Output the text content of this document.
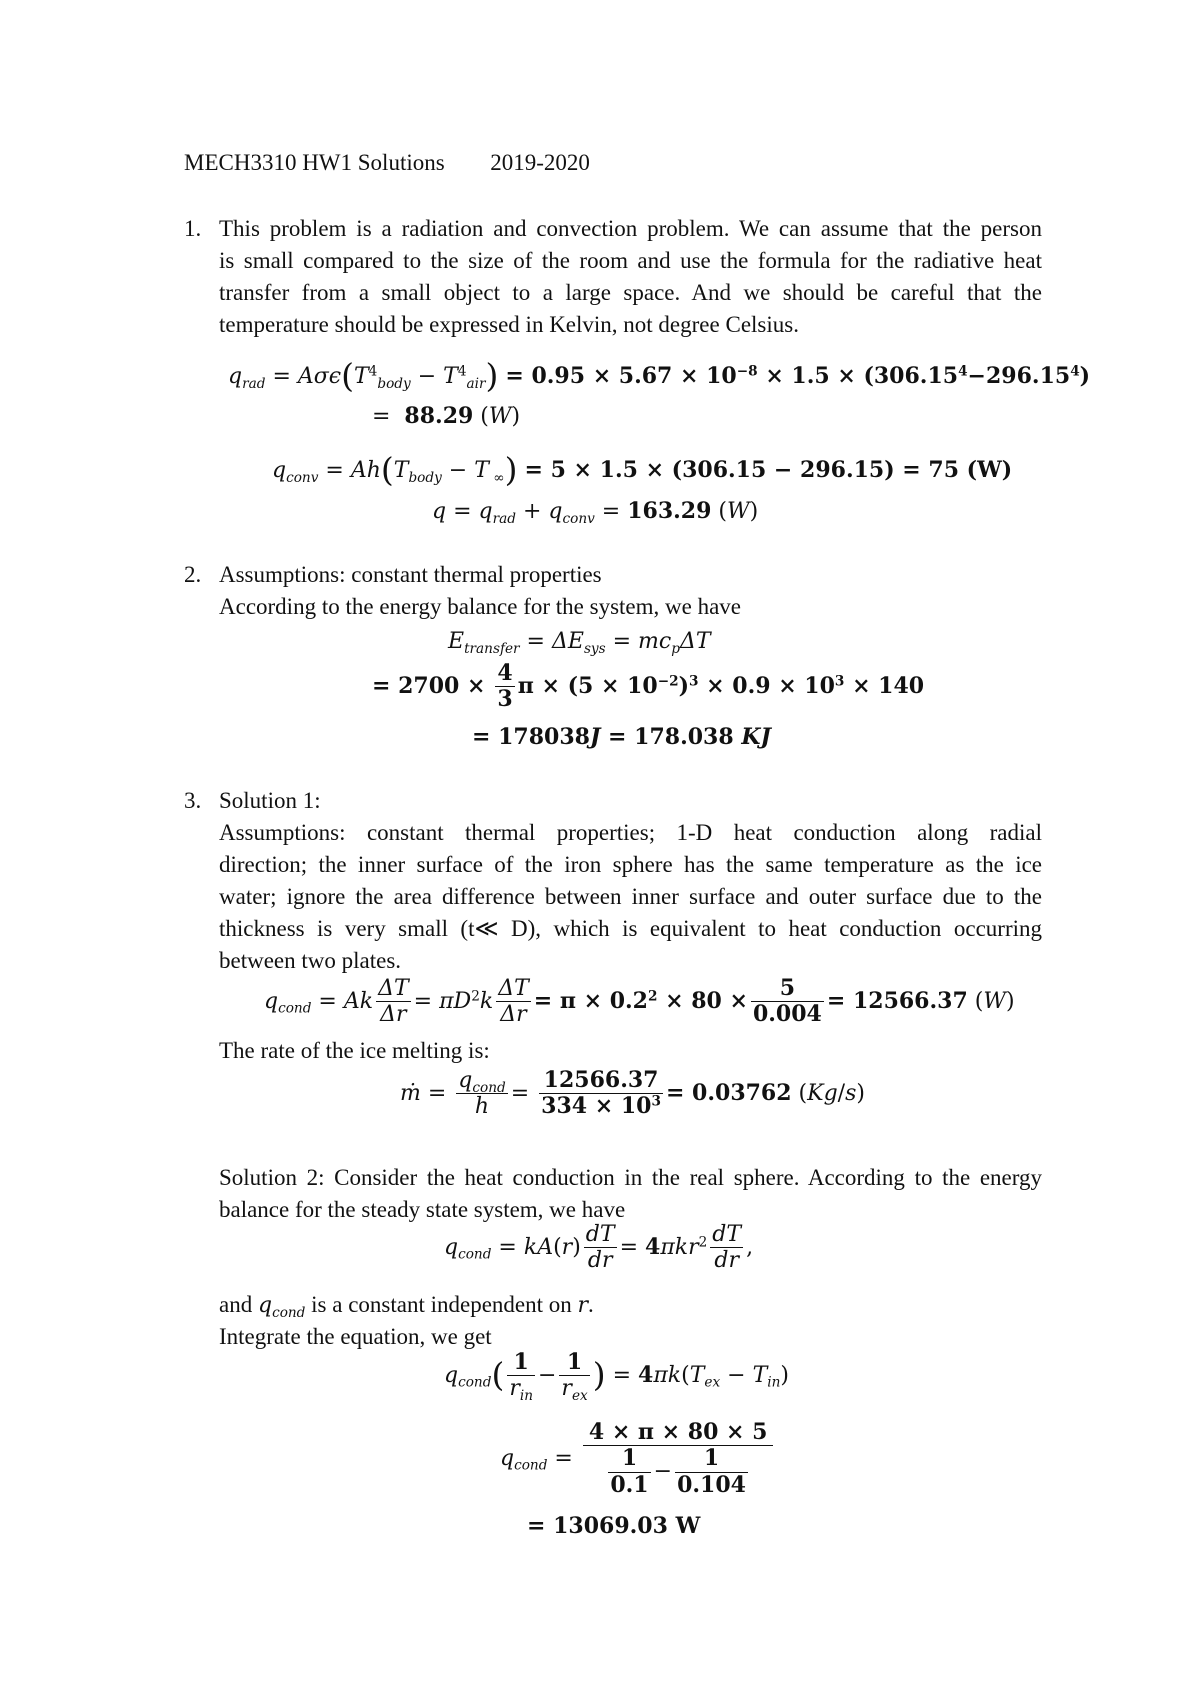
MECH3310 HW1 Solutions 2019-2020
1. This problem is a radiation and convection problem. We can assume that the person
is small compared to the size of the room and use the formula for the radiative heat
transfer from a small object to a large space. And we should be careful that the
temperature should be expressed in Kelvin, not degree Celsius.
$q_{rad} = A\sigma\epsilon(T^4_{body} - T^4_{air}) = 0.95 \times 5.67 \times 10^{-8} \times 1.5 \times (306.15^4-296.15^4)$
=  88.29 (W)
$q_{conv} = Ah(T_{body} - T$ $_\infty$) = 5 × 1.5 × (306.15 − 296.15) = 75 (W)
$q = q_{rad} + q_{conv} = 163.29$ (W)
2. Assumptions: constant thermal properties
According to the energy balance for the system, we have
$E_{transfer} = \Delta E_{sys} = mc_p\Delta T$
= $2700 \times \frac{4}{3}$ $\pi \times (5 \times 10^{-2})^3 \times 0.9 \times 10^3 \times 140$
= 178038J = 178.038 KJ
3. Solution 1:
Assumptions: constant thermal properties; 1-D heat conduction along radial
direction; the inner surface of the iron sphere has the same temperature as the ice
water; ignore the area difference between inner surface and outer surface due to the
thickness is very small (t≪ D), which is equivalent to heat conduction occurring
between two plates.
$q_{cond} = Ak \frac{\Delta T}{\Delta r} = \pi D^2k \frac{\Delta T}{\Delta r} = \pi \times 0.2^2 \times 80 \times \frac{5}{0.004} = 12566.37$ (W)
The rate of the ice melting is:
ṁ =
$q_{cond}$
h
= $\frac{12566.37}{334 \times 10^3} = 0.03762$ (Kg/s)
Solution 2: Consider the heat conduction in the real sphere. According to the energy
balance for the steady state system, we have
$q_{cond} = kA(r) \frac{dT}{dr} = 4\pi kr^2 \frac{dT}{dr}$ ,
and $q_{cond}$ is a constant independent on r.
Integrate the equation, we get
$q_{cond}$( 1
$r_{in}$
−
1
$r_{ex}$
) = $4\pi k(T_{ex} - T_{in})$
$q_{cond} = \frac{4 \times \pi \times 80 \times 5}{\frac{1}{0.1} - \frac{1}{0.104}}$
= 13069.03 W
